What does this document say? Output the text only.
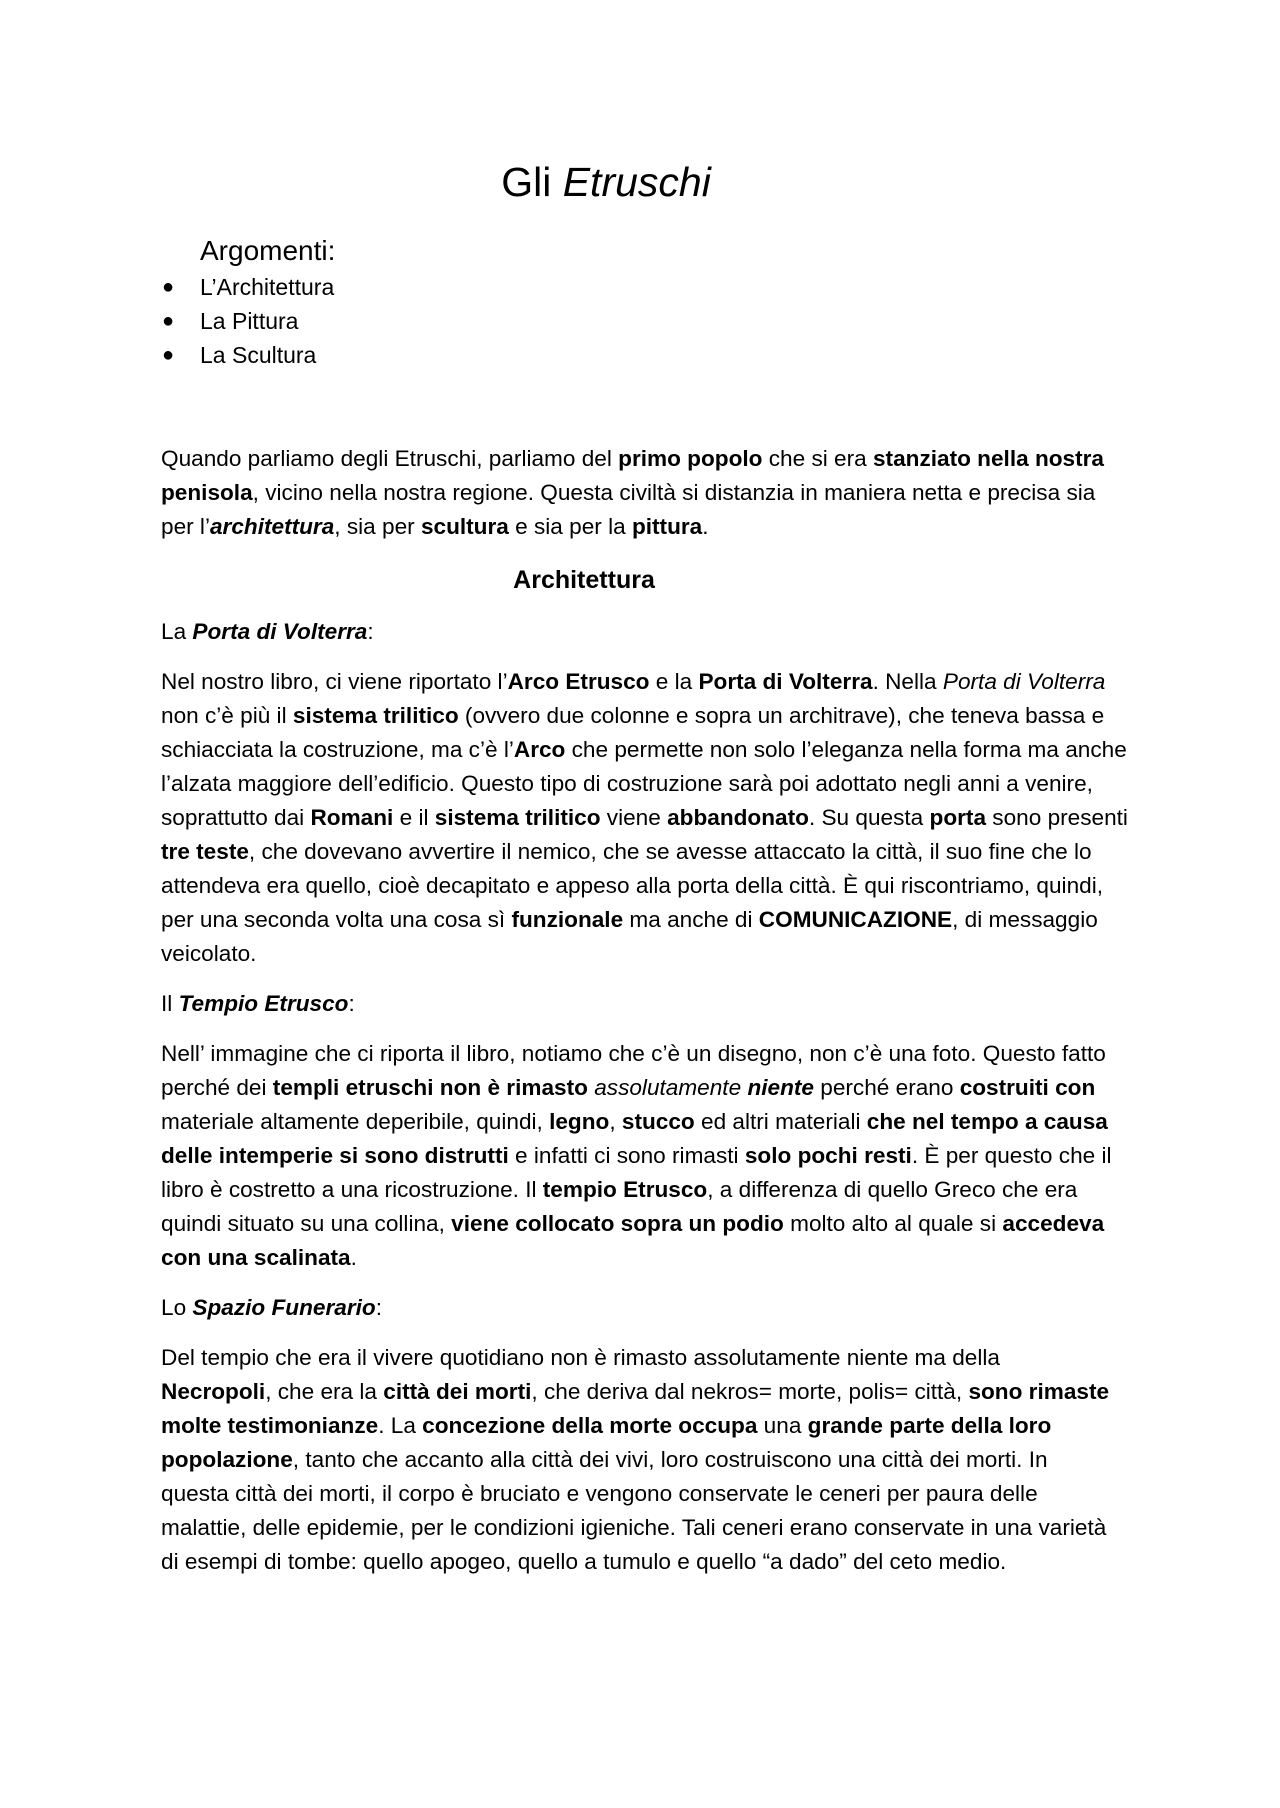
Gli Etruschi
Argomenti:
● L’Architettura
● La Pittura
● La Scultura
Quando parliamo degli Etruschi, parliamo del primo popolo che si era stanziato nella nostra
penisola, vicino nella nostra regione. Questa civiltà si distanzia in maniera netta e precisa sia
per l’architettura, sia per scultura e sia per la pittura.
Architettura
La Porta di Volterra:
Nel nostro libro, ci viene riportato l’Arco Etrusco e la Porta di Volterra. Nella Porta di Volterra
non c’è più il sistema trilitico (ovvero due colonne e sopra un architrave), che teneva bassa e
schiacciata la costruzione, ma c’è l’Arco che permette non solo l’eleganza nella forma ma anche
l’alzata maggiore dell’edificio. Questo tipo di costruzione sarà poi adottato negli anni a venire,
soprattutto dai Romani e il sistema trilitico viene abbandonato. Su questa porta sono presenti
tre teste, che dovevano avvertire il nemico, che se avesse attaccato la città, il suo fine che lo
attendeva era quello, cioè decapitato e appeso alla porta della città. È qui riscontriamo, quindi,
per una seconda volta una cosa sì funzionale ma anche di COMUNICAZIONE, di messaggio
veicolato.
Il Tempio Etrusco:
Nell’ immagine che ci riporta il libro, notiamo che c’è un disegno, non c’è una foto. Questo fatto
perché dei templi etruschi non è rimasto assolutamente niente perché erano costruiti con
materiale altamente deperibile, quindi, legno, stucco ed altri materiali che nel tempo a causa
delle intemperie si sono distrutti e infatti ci sono rimasti solo pochi resti. È per questo che il
libro è costretto a una ricostruzione. Il tempio Etrusco, a differenza di quello Greco che era
quindi situato su una collina, viene collocato sopra un podio molto alto al quale si accedeva
con una scalinata.
Lo Spazio Funerario:
Del tempio che era il vivere quotidiano non è rimasto assolutamente niente ma della
Necropoli, che era la città dei morti, che deriva dal nekros= morte, polis= città, sono rimaste
molte testimonianze. La concezione della morte occupa una grande parte della loro
popolazione, tanto che accanto alla città dei vivi, loro costruiscono una città dei morti. In
questa città dei morti, il corpo è bruciato e vengono conservate le ceneri per paura delle
malattie, delle epidemie, per le condizioni igieniche. Tali ceneri erano conservate in una varietà
di esempi di tombe: quello apogeo, quello a tumulo e quello “a dado” del ceto medio.
